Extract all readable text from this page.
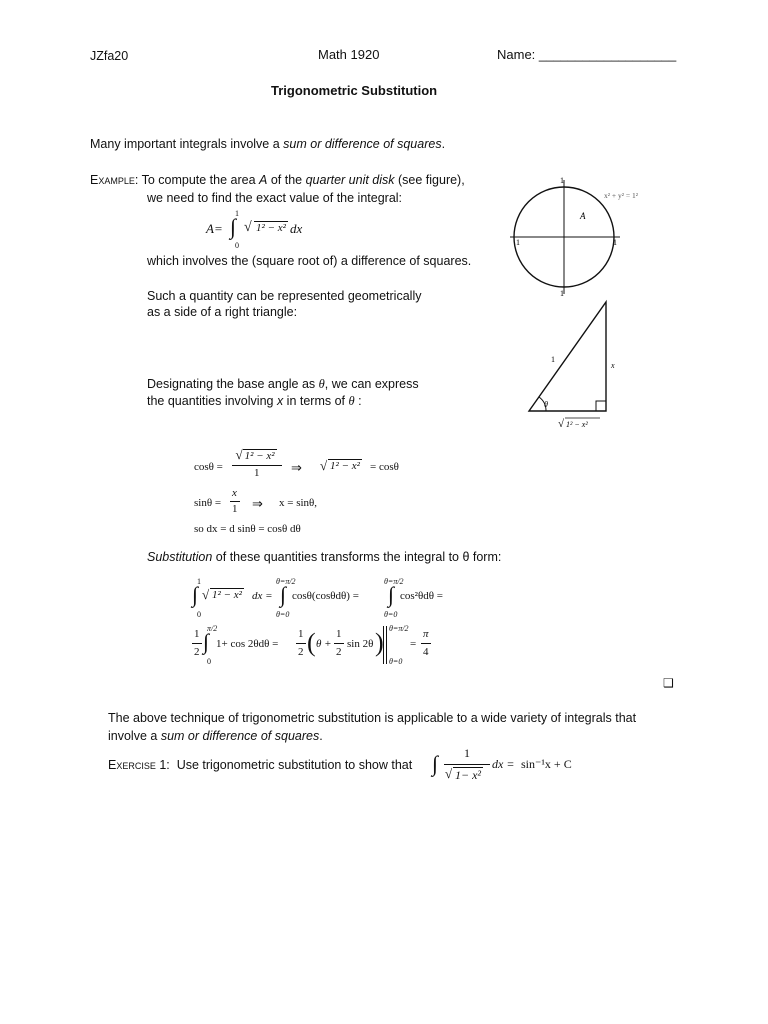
JZfa20	Math 1920	Name: ___________________
Trigonometric Substitution
Many important integrals involve a sum or difference of squares.
Example: To compute the area A of the quarter unit disk (see figure),
we need to find the exact value of the integral:
A=
1
∫
0
√ 1² − x² dx
which involves the (square root of) a difference of squares.
Such a quantity can be represented geometrically
as a side of a right triangle:
Designating the base angle as θ, we can express
the quantities involving x in terms of θ :
1
1
1	1
A
x² + y² = 1²
1
x
θ
√ 1² − x²
cosθ =
√ 1² − x²
1 ⇒ √ 1² − x² = cosθ
sinθ =
x
1 ⇒ x = sinθ,
so dx = d sinθ = cosθ dθ
Substitution of these quantities transforms the integral to θ form:
1
∫
0
√ 1² − x² dx =
θ=π/2
∫
θ=0
cosθ(cosθdθ) =
θ=π/2
∫
θ=0
cos²θdθ =
1
2
π/2
∫
0
1+ cos 2θdθ =
1
2 ( θ +
1
2
sin 2θ ) θ=π/2
θ=0
=
π
4
❑
The above technique of trigonometric substitution is applicable to a wide variety of integrals that
involve a sum or difference of squares.
Exercise 1: Use trigonometric substitution to show that ∫ 1
√ 1− x²
dx = sin⁻¹x + C
